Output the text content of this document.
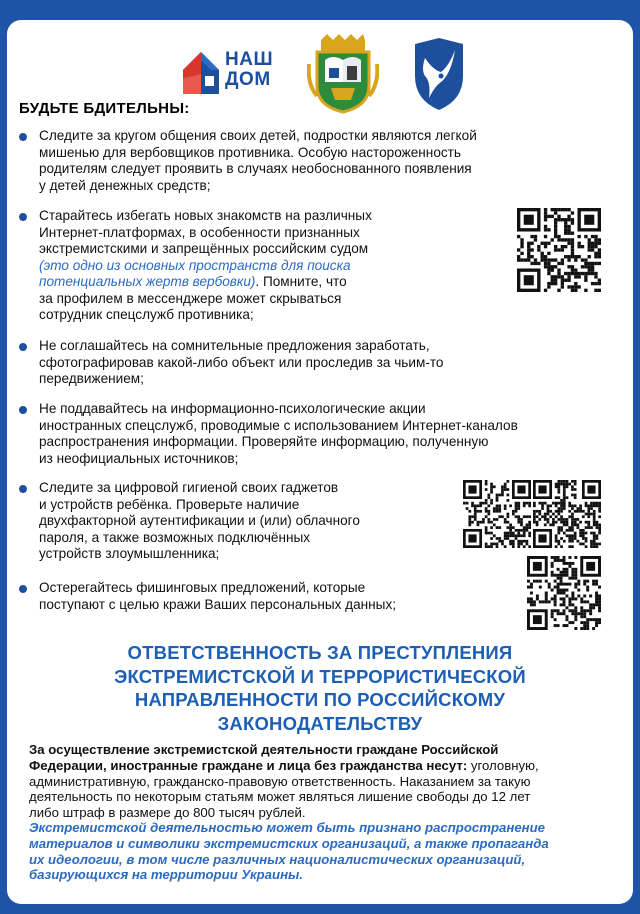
НАШ
ДОМ
БУДЬТЕ БДИТЕЛЬНЫ:
Следите за кругом общения своих детей, подростки являются легкой
мишенью для вербовщиков противника. Особую настороженность
родителям следует проявить в случаях необоснованного появления
у детей денежных средств;
Старайтесь избегать новых знакомств на различных
Интернет-платформах, в особенности признанных
экстремистскими и запрещённых российским судом
(это одно из основных пространств для поиска
потенциальных жертв вербовки). Помните, что
за профилем в мессенджере может скрываться
сотрудник спецслужб противника;
Не соглашайтесь на сомнительные предложения заработать,
сфотографировав какой-либо объект или проследив за чьим-то
передвижением;
Не поддавайтесь на информационно-психологические акции
иностранных спецслужб, проводимые с использованием Интернет-каналов
распространения информации. Проверяйте информацию, полученную
из неофициальных источников;
Следите за цифровой гигиеной своих гаджетов
и устройств ребёнка. Проверьте наличие
двухфакторной аутентификации и (или) облачного
пароля, а также возможных подключённых
устройств злоумышленника;
Остерегайтесь фишинговых предложений, которые
поступают с целью кражи Ваших персональных данных;
ОТВЕТСТВЕННОСТЬ ЗА ПРЕСТУПЛЕНИЯ
ЭКСТРЕМИСТСКОЙ И ТЕРРОРИСТИЧЕСКОЙ
НАПРАВЛЕННОСТИ ПО РОССИЙСКОМУ
ЗАКОНОДАТЕЛЬСТВУ
За осуществление экстремистской деятельности граждане Российской
Федерации, иностранные граждане и лица без гражданства несут: уголовную,
административную, гражданско-правовую ответственность. Наказанием за такую
деятельность по некоторым статьям может являться лишение свободы до 12 лет
либо штраф в размере до 800 тысяч рублей.
Экстремистской деятельностью может быть признано распространение
материалов и символики экстремистских организаций, а также пропаганда
их идеологии, в том числе различных националистических организаций,
базирующихся на территории Украины.
